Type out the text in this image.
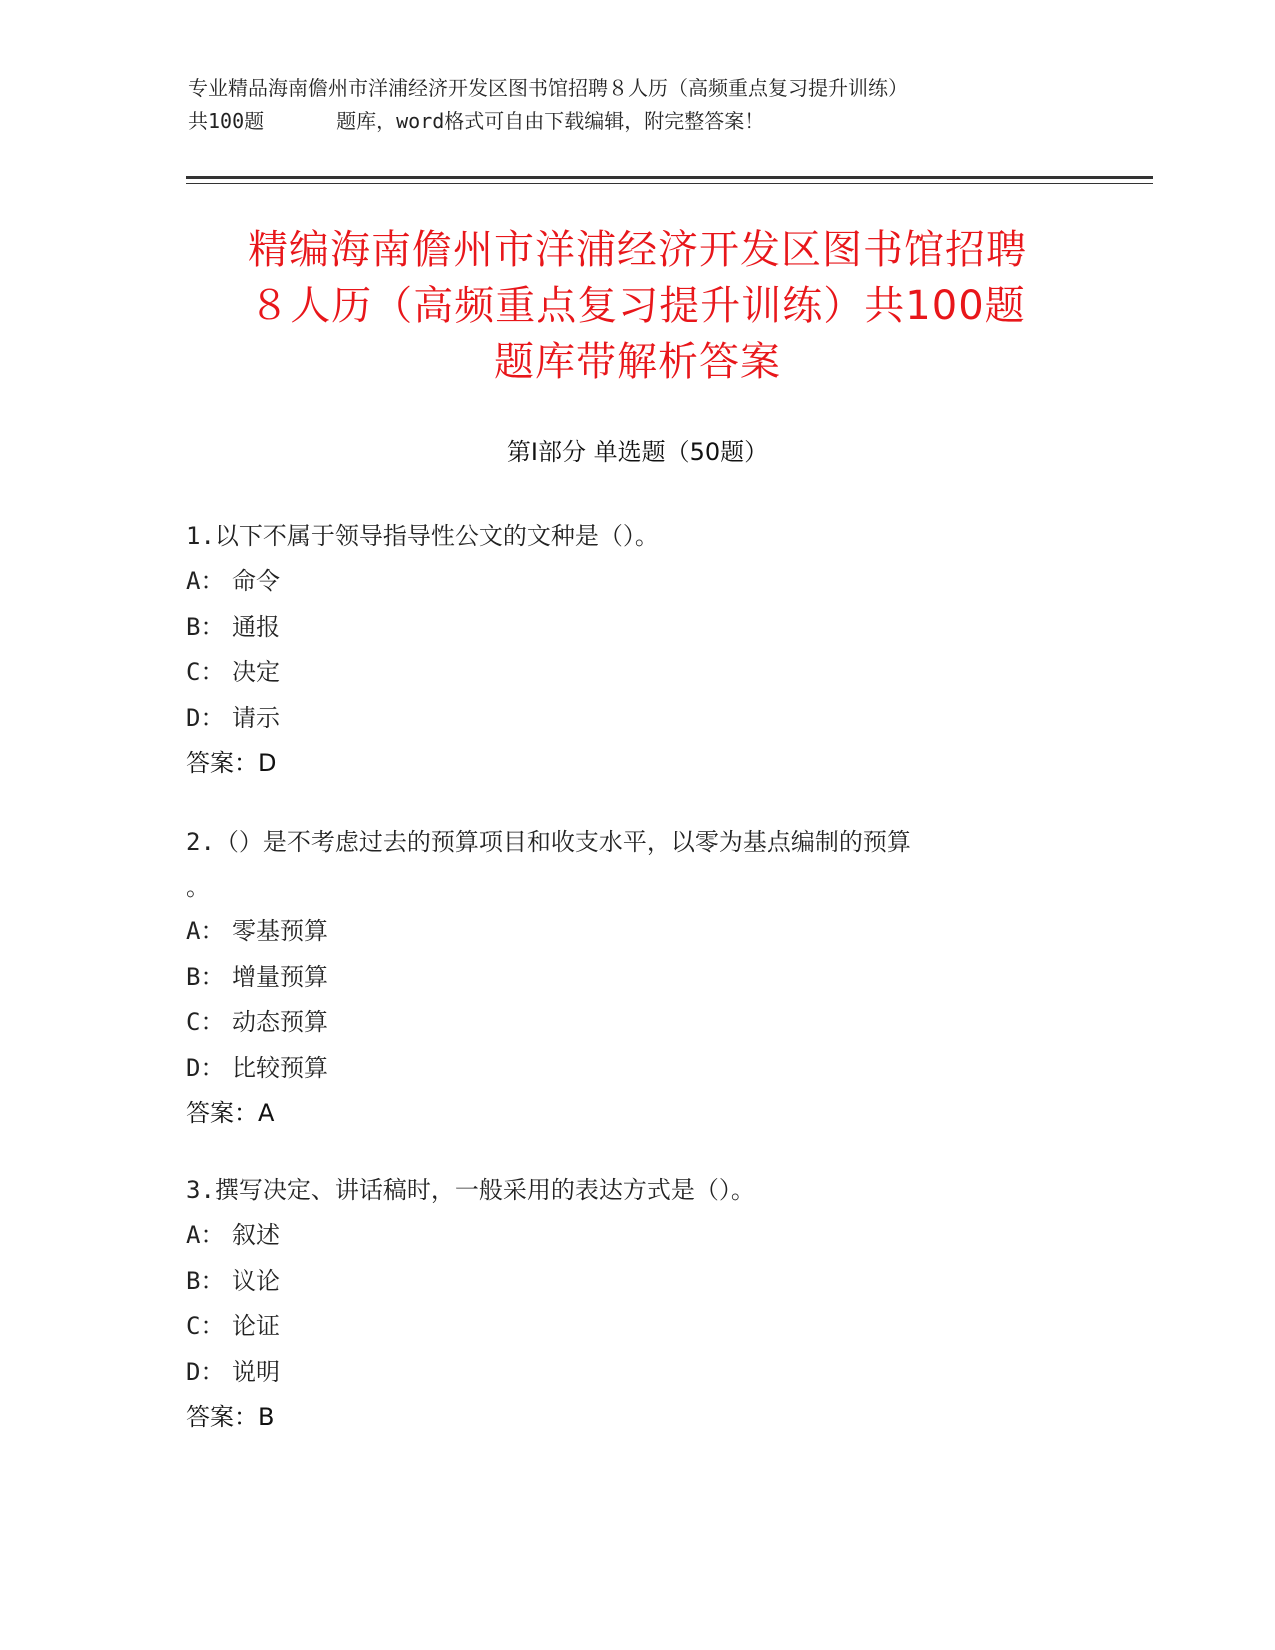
专业精品海南儋州市洋浦经济开发区图书馆招聘８人历（高频重点复习提升训练）
共100题	题库，word格式可自由下载编辑，附完整答案！
精编海南儋州市洋浦经济开发区图书馆招聘
８人历（高频重点复习提升训练）共100题
题库带解析答案
第Ⅰ部分 单选题（50题）
1.以下不属于领导指导性公文的文种是（）。
A： 命令
B： 通报
C： 决定
D： 请示
答案：D
2.（）是不考虑过去的预算项目和收支水平，以零为基点编制的预算
。
A： 零基预算
B： 增量预算
C： 动态预算
D： 比较预算
答案：A
3.撰写决定、讲话稿时，一般采用的表达方式是（）。
A： 叙述
B： 议论
C： 论证
D： 说明
答案：B
